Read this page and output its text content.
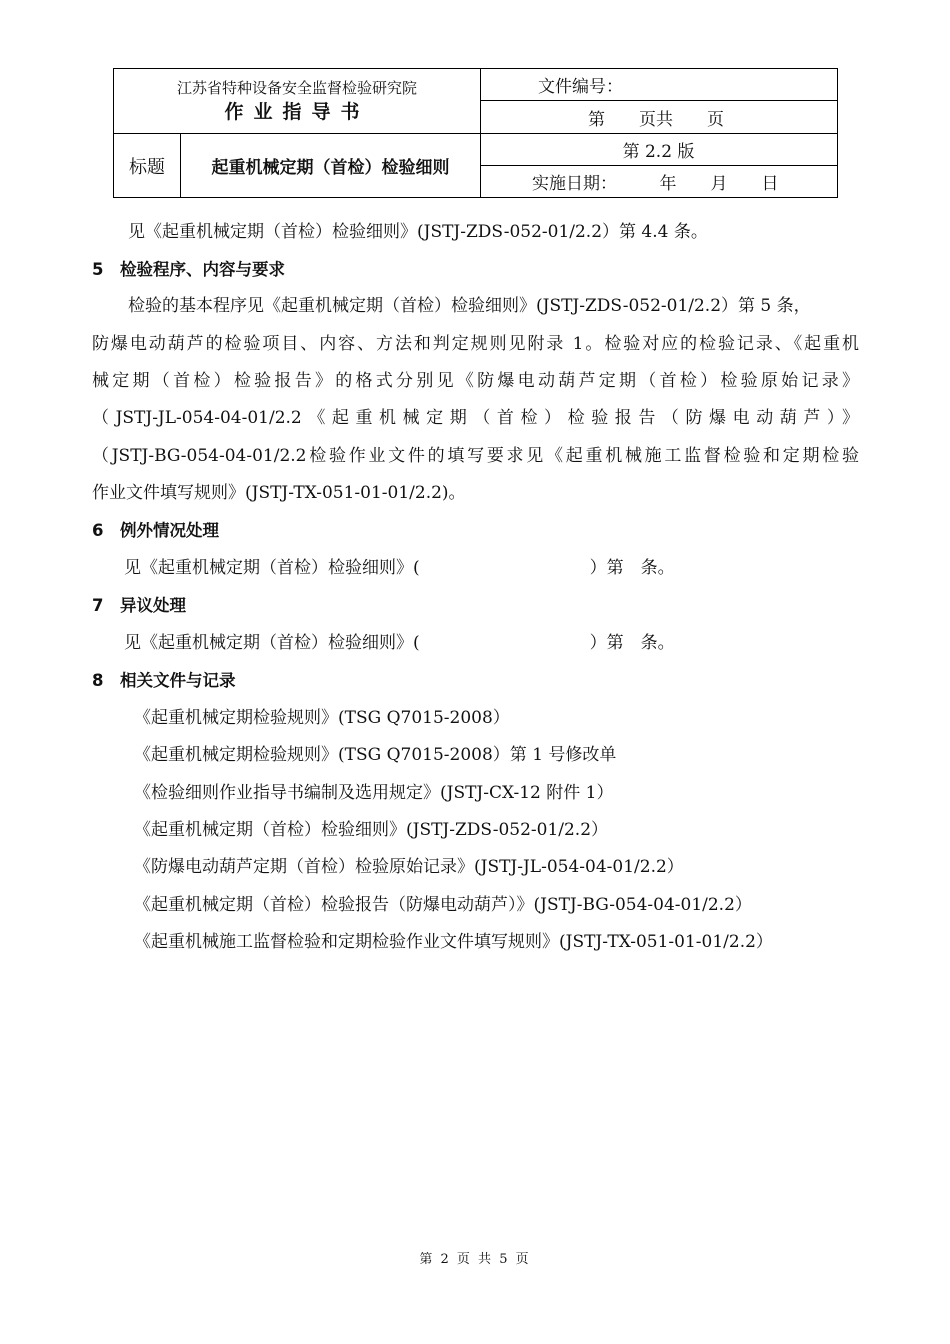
江苏省特种设备安全监督检验研究院
作业指导书
文件编号：
第　　页共　　页
标题	起重机械定期（首检）检验细则
第 2.2 版
实施日期：　　　年　　月　　日
见《起重机械定期（首检）检验细则》(JSTJ-ZDS-052-01/2.2）第 4.4 条。
5　检验程序、内容与要求
检验的基本程序见《起重机械定期（首检）检验细则》(JSTJ-ZDS-052-01/2.2）第 5 条，
防爆电动葫芦的检验项目、内容、方法和判定规则见附录 1。检验对应的检验记录、《起重机
械定期（首检）检验报告》的格式分别见《防爆电动葫芦定期（首检）检验原始记录》
（JSTJ-JL-054-04-01/2.2《起重机械定期（首检）检验报告（防爆电动葫芦）》
（JSTJ-BG-054-04-01/2.2检验作业文件的填写要求见《起重机械施工监督检验和定期检验
作业文件填写规则》(JSTJ-TX-051-01-01/2.2)。
6　例外情况处理
见《起重机械定期（首检）检验细则》(　　　　　　　　　　）第　条。
7　异议处理
见《起重机械定期（首检）检验细则》(　　　　　　　　　　）第　条。
8　相关文件与记录
《起重机械定期检验规则》(TSG Q7015-2008）
《起重机械定期检验规则》(TSG Q7015-2008）第 1 号修改单
《检验细则作业指导书编制及选用规定》(JSTJ-CX-12 附件 1）
《起重机械定期（首检）检验细则》(JSTJ-ZDS-052-01/2.2）
《防爆电动葫芦定期（首检）检验原始记录》(JSTJ-JL-054-04-01/2.2）
《起重机械定期（首检）检验报告（防爆电动葫芦）》(JSTJ-BG-054-04-01/2.2）
《起重机械施工监督检验和定期检验作业文件填写规则》(JSTJ-TX-051-01-01/2.2）
第 2 页 共 5 页
